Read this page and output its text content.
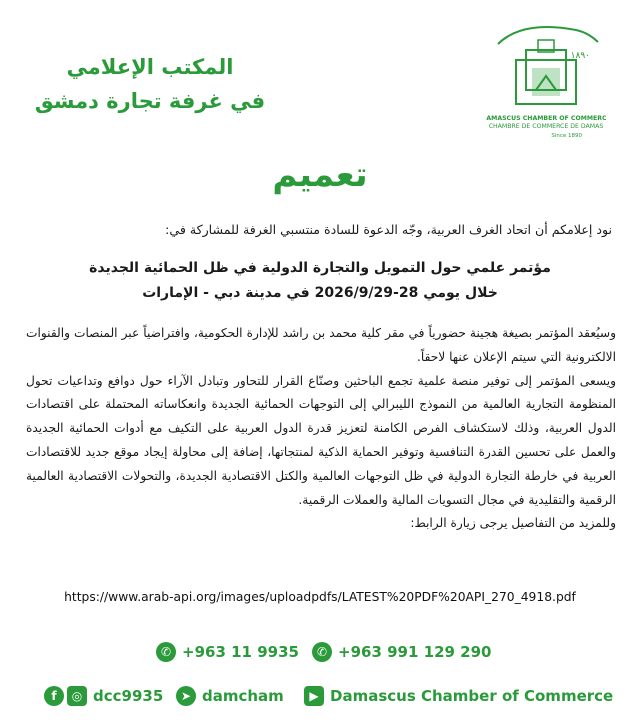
١٨٩٠
DAMASCUS CHAMBER OF COMMERCE
CHAMBRE DE COMMERCE DE DAMAS
Since 1890
المكتب الإعلامي
في غرفة تجارة دمشق
تعميم
نود إعلامكم أن اتحاد الغرف العربية، وجّه الدعوة للسادة منتسبي الغرفة للمشاركة في:
مؤتمر علمي حول التمويل والتجارة الدولية في ظل الحمائية الجديدة
خلال يومي 28-2026/9/29 في مدينة دبي - الإمارات

وسيُعقد المؤتمر بصيغة هجينة حضورياً في مقر كلية محمد بن راشد للإدارة الحكومية، وافتراضياً عبر المنصات والقنوات الالكترونية التي سيتم الإعلان عنها لاحقاً.

ويسعى المؤتمر إلى توفير منصة علمية تجمع الباحثين وصنّاع القرار للتحاور وتبادل الآراء حول دوافع وتداعيات تحول المنظومة التجارية العالمية من النموذج الليبرالي إلى التوجهات الحمائية الجديدة وانعكاساته المحتملة على اقتصادات الدول العربية، وذلك لاستكشاف الفرص الكامنة لتعزيز قدرة الدول العربية على التكيف مع أدوات الحمائية الجديدة والعمل على تحسين القدرة التنافسية وتوفير الحماية الذكية لمنتجاتها، إضافة إلى محاولة إيجاد موقع جديد للاقتصادات العربية في خارطة التجارة الدولية في ظل التوجهات العالمية والكتل الاقتصادية الجديدة، والتحولات الاقتصادية العالمية الرقمية والتقليدية في مجال التسويات المالية والعملات الرقمية.

وللمزيد من التفاصيل يرجى زيارة الرابط:

https://www.arab-api.org/images/uploadpdfs/LATEST%20PDF%20API_270_4918.pdf
✆ +963 11 9935	✆ +963 991 129 290
f	◎ dcc9935	➤ damcham	▶ Damascus Chamber of Commerce
